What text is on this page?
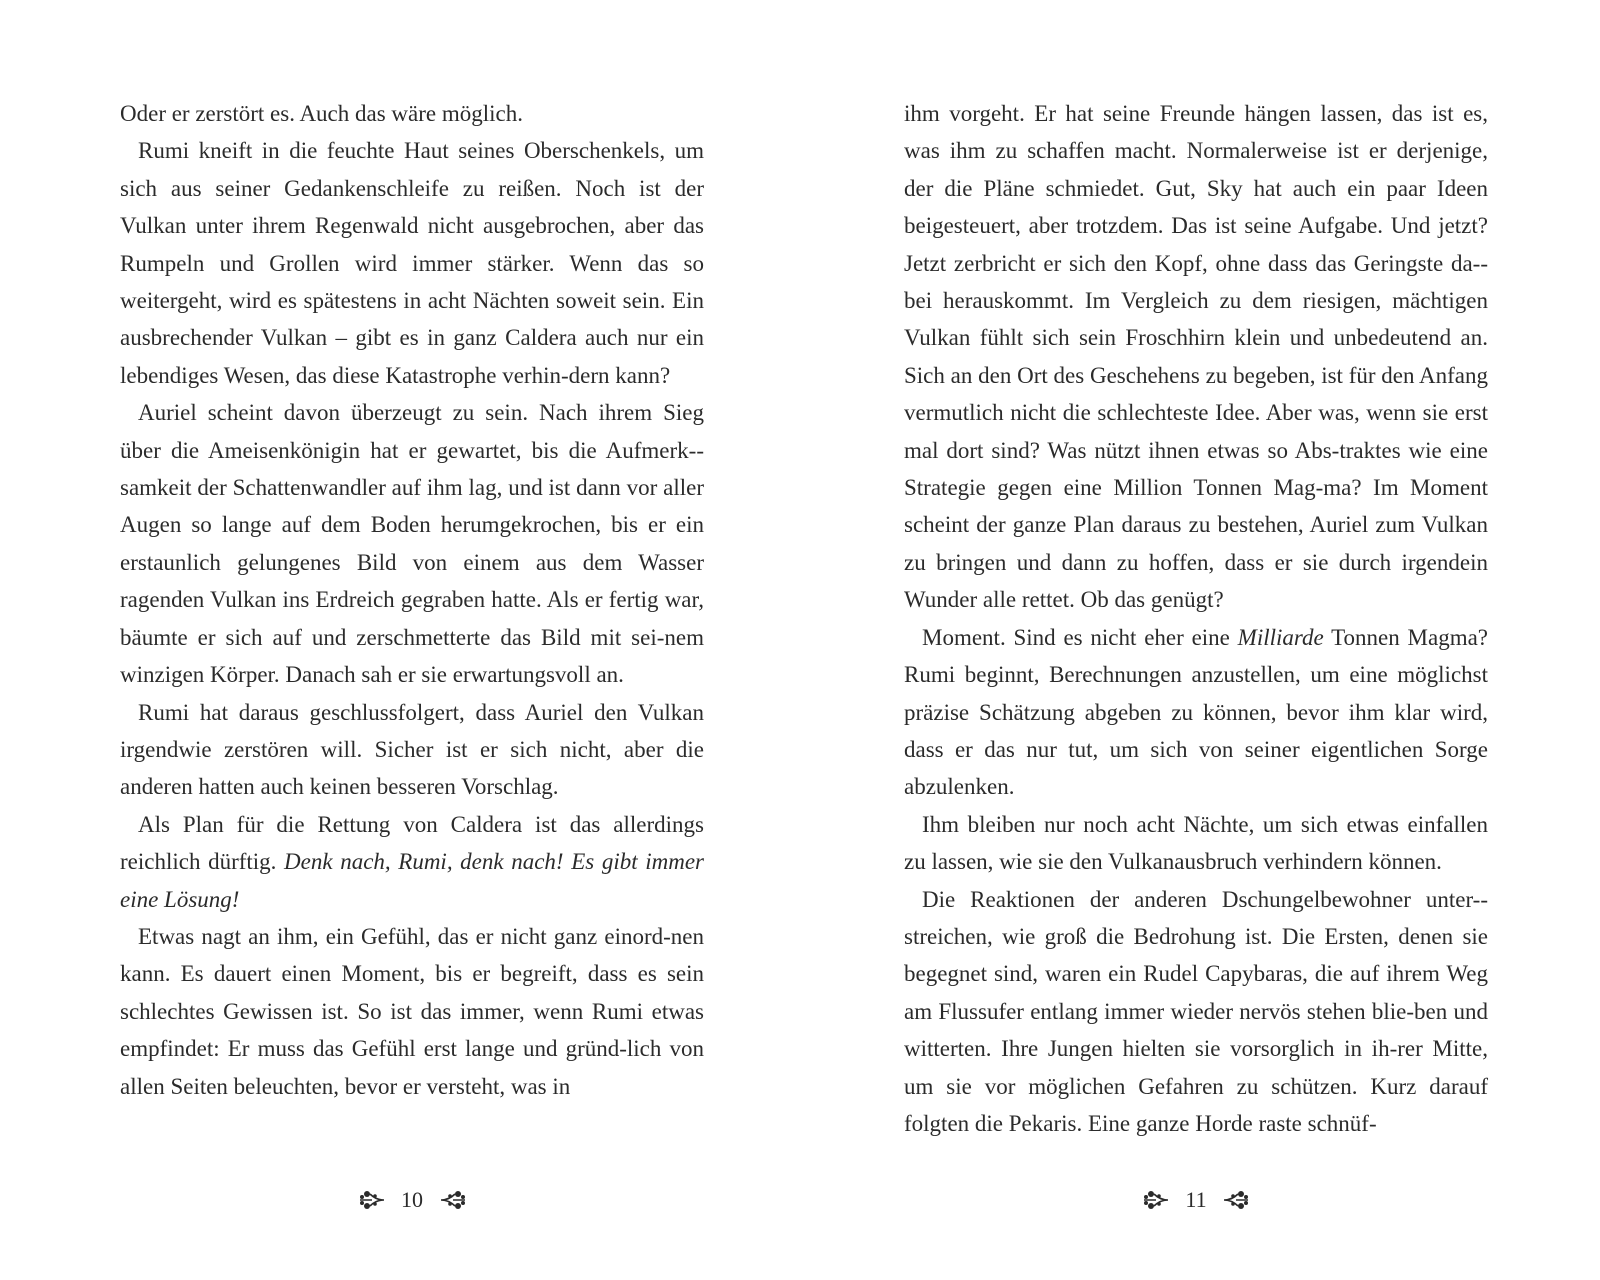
Oder er zerstört es. Auch das wäre möglich.

Rumi kneift in die feuchte Haut seines Oberschenkels, um sich aus seiner Gedankenschleife zu reißen. Noch ist der Vulkan unter ihrem Regenwald nicht ausgebrochen, aber das Rumpeln und Grollen wird immer stärker. Wenn das so weitergeht, wird es spätestens in acht Nächten soweit sein. Ein ausbrechender Vulkan – gibt es in ganz Caldera auch nur ein lebendiges Wesen, das diese Katastrophe verhin-dern kann?

Auriel scheint davon überzeugt zu sein. Nach ihrem Sieg über die Ameisenkönigin hat er gewartet, bis die Aufmerk-samkeit der Schattenwandler auf ihm lag, und ist dann vor aller Augen so lange auf dem Boden herumgekrochen, bis er ein erstaunlich gelungenes Bild von einem aus dem Wasser ragenden Vulkan ins Erdreich gegraben hatte. Als er fertig war, bäumte er sich auf und zerschmetterte das Bild mit sei-nem winzigen Körper. Danach sah er sie erwartungsvoll an.

Rumi hat daraus geschlussfolgert, dass Auriel den Vulkan irgendwie zerstören will. Sicher ist er sich nicht, aber die anderen hatten auch keinen besseren Vorschlag.

Als Plan für die Rettung von Caldera ist das allerdings reichlich dürftig. Denk nach, Rumi, denk nach! Es gibt immer eine Lösung!

Etwas nagt an ihm, ein Gefühl, das er nicht ganz einord-nen kann. Es dauert einen Moment, bis er begreift, dass es sein schlechtes Gewissen ist. So ist das immer, wenn Rumi etwas empfindet: Er muss das Gefühl erst lange und gründ-lich von allen Seiten beleuchten, bevor er versteht, was in

10

ihm vorgeht. Er hat seine Freunde hängen lassen, das ist es, was ihm zu schaffen macht. Normalerweise ist er derjenige, der die Pläne schmiedet. Gut, Sky hat auch ein paar Ideen beigesteuert, aber trotzdem. Das ist seine Aufgabe. Und jetzt? Jetzt zerbricht er sich den Kopf, ohne dass das Geringste da-bei herauskommt. Im Vergleich zu dem riesigen, mächtigen Vulkan fühlt sich sein Froschhirn klein und unbedeutend an. Sich an den Ort des Geschehens zu begeben, ist für den Anfang vermutlich nicht die schlechteste Idee. Aber was, wenn sie erst mal dort sind? Was nützt ihnen etwas so Abs-traktes wie eine Strategie gegen eine Million Tonnen Mag-ma? Im Moment scheint der ganze Plan daraus zu bestehen, Auriel zum Vulkan zu bringen und dann zu hoffen, dass er sie durch irgendein Wunder alle rettet. Ob das genügt?

Moment. Sind es nicht eher eine Milliarde Tonnen Magma? Rumi beginnt, Berechnungen anzustellen, um eine möglichst präzise Schätzung abgeben zu können, bevor ihm klar wird, dass er das nur tut, um sich von seiner eigentlichen Sorge abzulenken.

Ihm bleiben nur noch acht Nächte, um sich etwas einfallen zu lassen, wie sie den Vulkanausbruch verhindern können.

Die Reaktionen der anderen Dschungelbewohner unter-streichen, wie groß die Bedrohung ist. Die Ersten, denen sie begegnet sind, waren ein Rudel Capybaras, die auf ihrem Weg am Flussufer entlang immer wieder nervös stehen blie-ben und witterten. Ihre Jungen hielten sie vorsorglich in ih-rer Mitte, um sie vor möglichen Gefahren zu schützen. Kurz darauf folgten die Pekaris. Eine ganze Horde raste schnüf-

11
